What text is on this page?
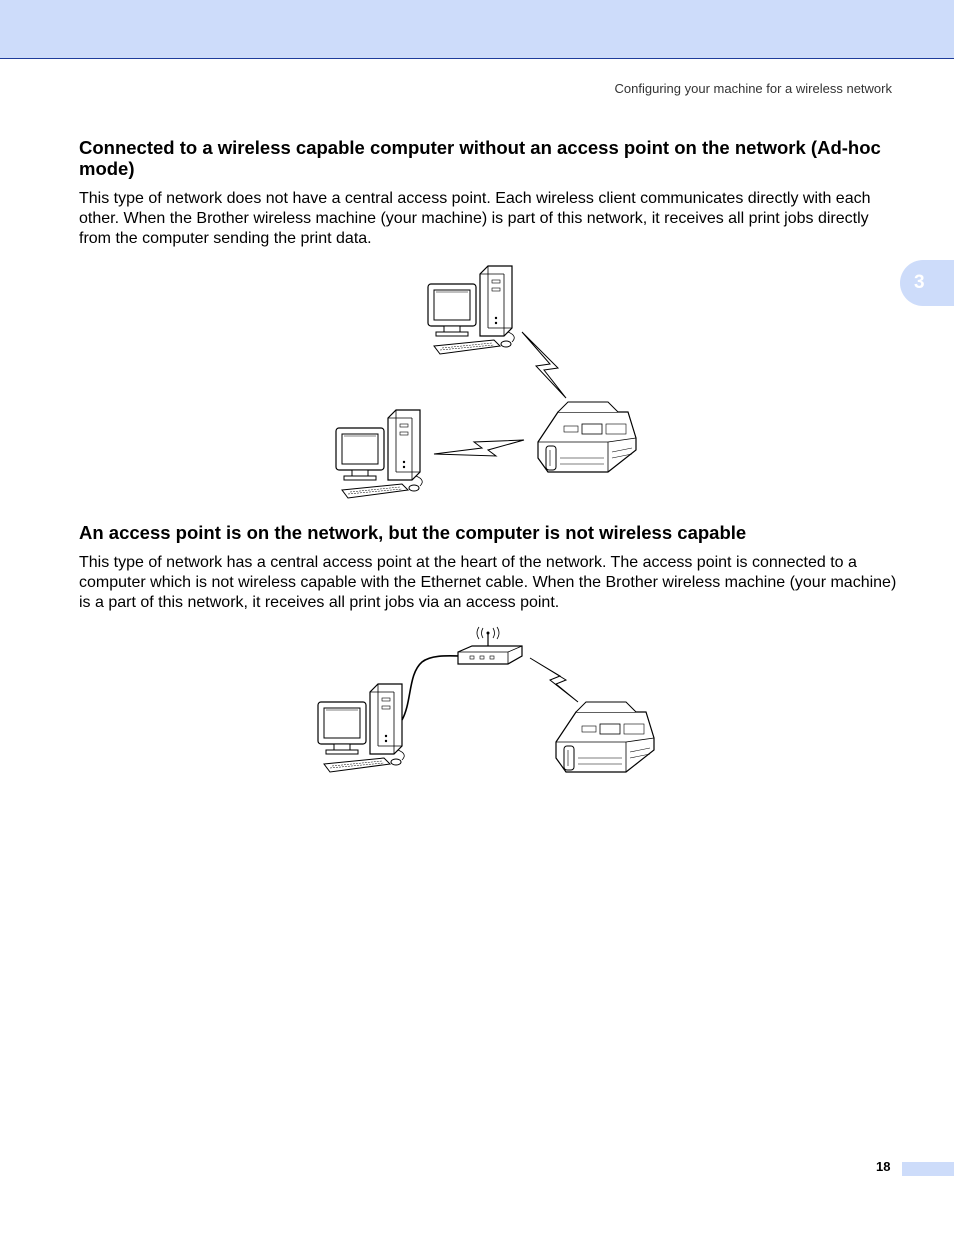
Configuring your machine for a wireless network
3
Connected to a wireless capable computer without an access point on the network (Ad-hoc mode)

This type of network does not have a central access point. Each wireless client communicates directly with each other. When the Brother wireless machine (your machine) is part of this network, it receives all print jobs directly from the computer sending the print data.

An access point is on the network, but the computer is not wireless capable

This type of network has a central access point at the heart of the network. The access point is connected to a computer which is not wireless capable with the Ethernet cable. When the Brother wireless machine (your machine) is a part of this network, it receives all print jobs via an access point.

18
